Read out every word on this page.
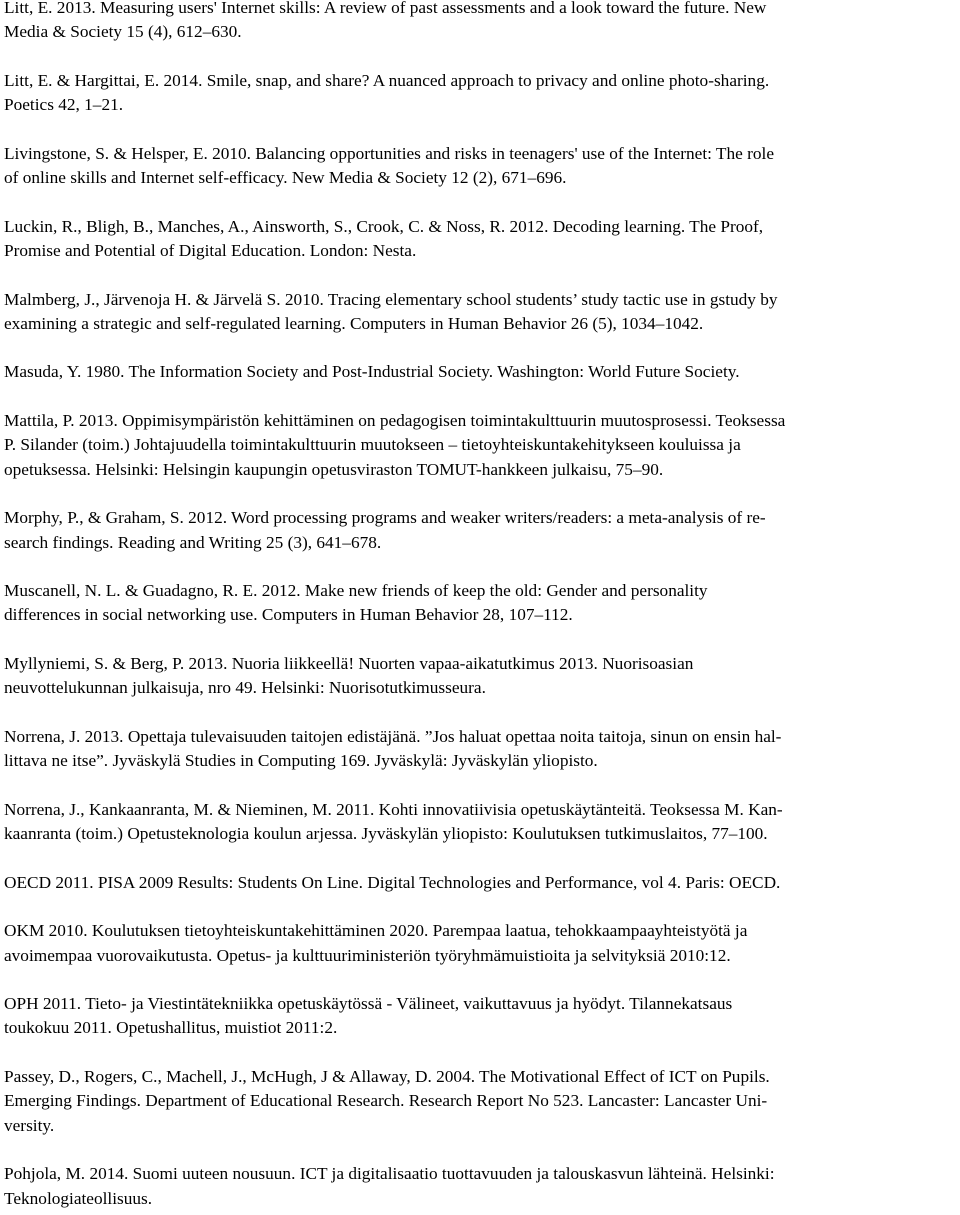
Litt, E. 2013. Measuring users' Internet skills: A review of past assessments and a look toward the future. New
Media & Society 15 (4), 612–630.

Litt, E. & Hargittai, E. 2014. Smile, snap, and share? A nuanced approach to privacy and online photo-sharing.
Poetics 42, 1–21.

Livingstone, S. & Helsper, E. 2010. Balancing opportunities and risks in teenagers' use of the Internet: The role
of online skills and Internet self-efficacy. New Media & Society 12 (2), 671–696.

Luckin, R., Bligh, B., Manches, A., Ainsworth, S., Crook, C. & Noss, R. 2012. Decoding learning. The Proof,
Promise and Potential of Digital Education. London: Nesta.

Malmberg, J., Järvenoja H. & Järvelä S. 2010. Tracing elementary school students’ study tactic use in gstudy by
examining a strategic and self-regulated learning. Computers in Human Behavior 26 (5), 1034–1042.

Masuda, Y. 1980. The Information Society and Post-Industrial Society. Washington: World Future Society.

Mattila, P. 2013. Oppimisympäristön kehittäminen on pedagogisen toimintakulttuurin muutosprosessi. Teoksessa
P. Silander (toim.) Johtajuudella toimintakulttuurin muutokseen – tietoyhteiskuntakehitykseen kouluissa ja
opetuksessa. Helsinki: Helsingin kaupungin opetusviraston TOMUT-hankkeen julkaisu, 75–90.

Morphy, P., & Graham, S. 2012. Word processing programs and weaker writers/readers: a meta-analysis of re-
search findings. Reading and Writing 25 (3), 641–678.

Muscanell, N. L. & Guadagno, R. E. 2012. Make new friends of keep the old: Gender and personality
differences in social networking use. Computers in Human Behavior 28, 107–112.

Myllyniemi, S. & Berg, P. 2013. Nuoria liikkeellä! Nuorten vapaa-aikatutkimus 2013. Nuorisoasian
neuvottelukunnan julkaisuja, nro 49. Helsinki: Nuorisotutkimusseura.

Norrena, J. 2013. Opettaja tulevaisuuden taitojen edistäjänä. ”Jos haluat opettaa noita taitoja, sinun on ensin hal-
littava ne itse”. Jyväskylä Studies in Computing 169. Jyväskylä: Jyväskylän yliopisto.

Norrena, J., Kankaanranta, M. & Nieminen, M. 2011. Kohti innovatiivisia opetuskäytänteitä. Teoksessa M. Kan-
kaanranta (toim.) Opetusteknologia koulun arjessa. Jyväskylän yliopisto: Koulutuksen tutkimuslaitos, 77–100.

OECD 2011. PISA 2009 Results: Students On Line. Digital Technologies and Performance, vol 4. Paris: OECD.

OKM 2010. Koulutuksen tietoyhteiskuntakehittäminen 2020. Parempaa laatua, tehokkaampaayhteistyötä ja
avoimempaa vuorovaikutusta. Opetus- ja kulttuuriministeriön työryhmämuistioita ja selvityksiä 2010:12.

OPH 2011. Tieto- ja Viestintätekniikka opetuskäytössä - Välineet, vaikuttavuus ja hyödyt. Tilannekatsaus
toukokuu 2011. Opetushallitus, muistiot 2011:2.

Passey, D., Rogers, C., Machell, J., McHugh, J & Allaway, D. 2004. The Motivational Effect of ICT on Pupils.
Emerging Findings. Department of Educational Research. Research Report No 523. Lancaster: Lancaster Uni-
versity.

Pohjola, M. 2014. Suomi uuteen nousuun. ICT ja digitalisaatio tuottavuuden ja talouskasvun lähteinä. Helsinki:
Teknologiateollisuus.
